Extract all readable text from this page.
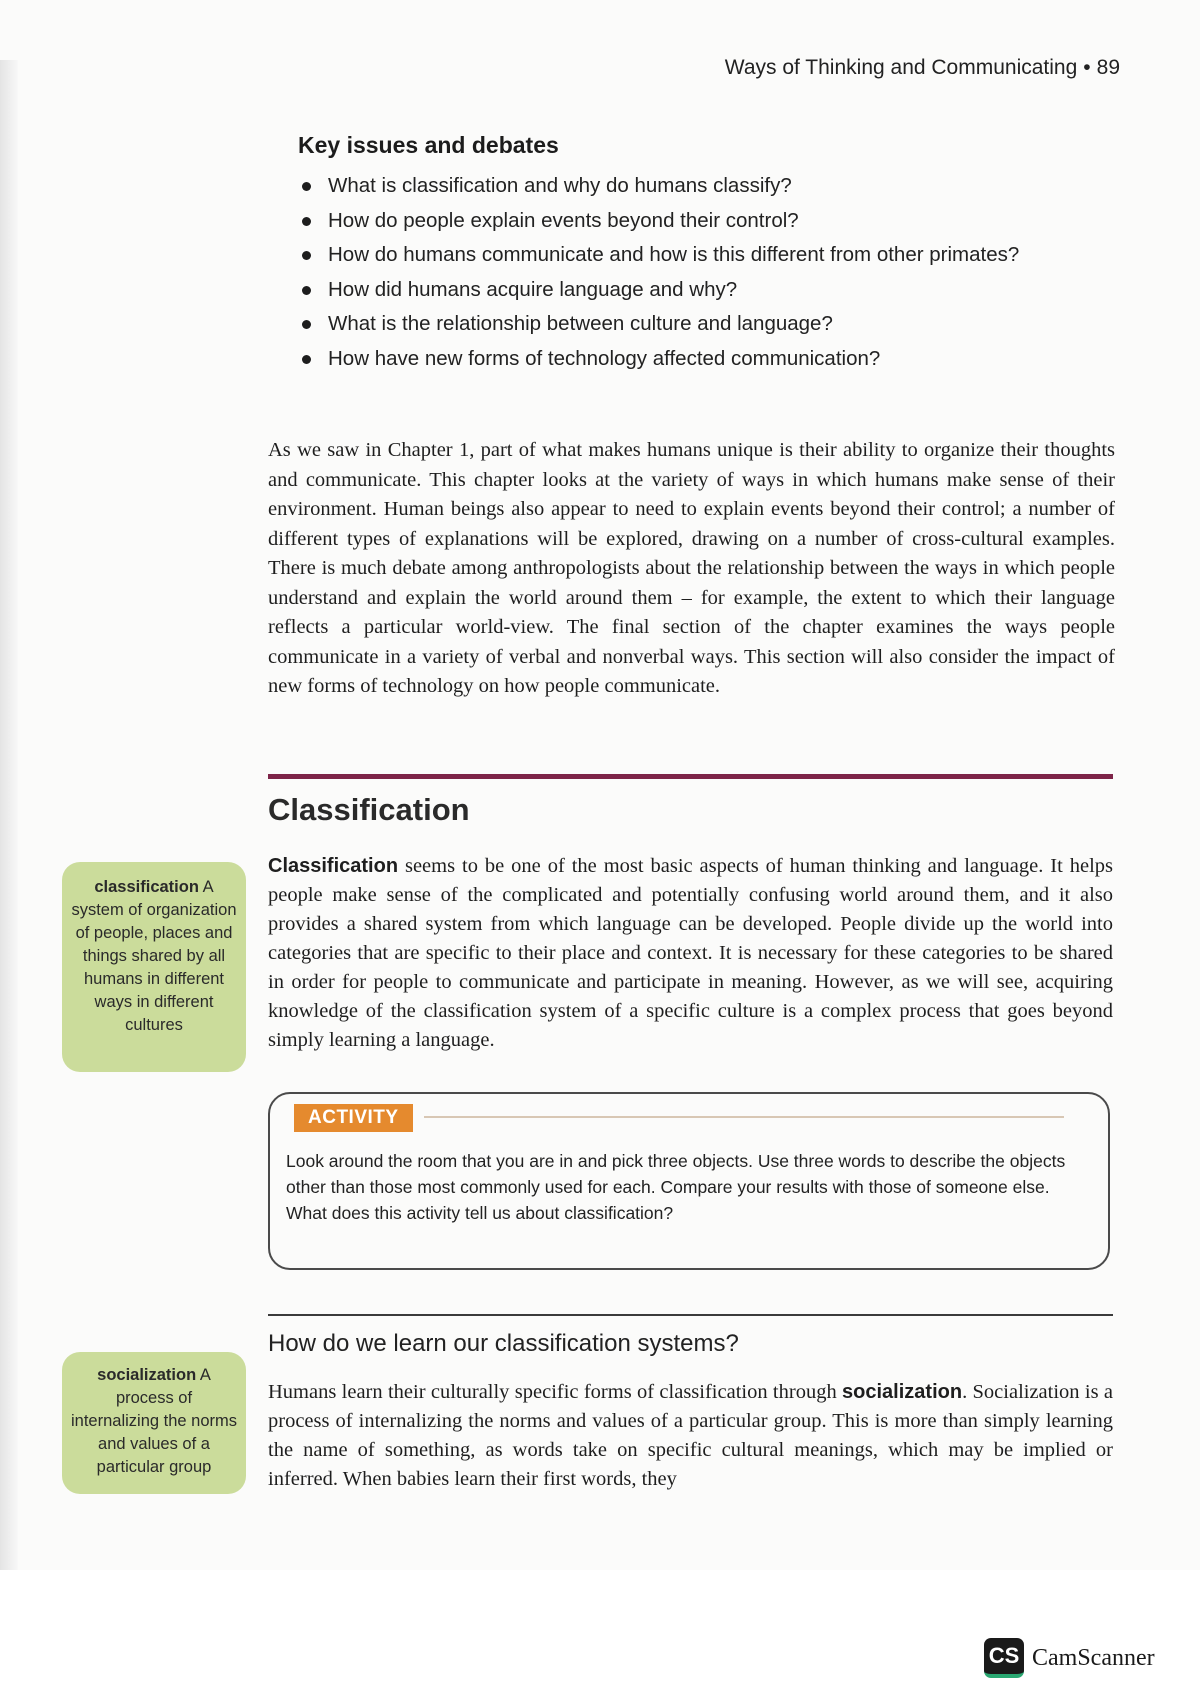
Ways of Thinking and Communicating • 89
Key issues and debates
What is classification and why do humans classify?
How do people explain events beyond their control?
How do humans communicate and how is this different from other primates?
How did humans acquire language and why?
What is the relationship between culture and language?
How have new forms of technology affected communication?

As we saw in Chapter 1, part of what makes humans unique is their ability to organize their thoughts and communicate. This chapter looks at the variety of ways in which humans make sense of their environment. Human beings also appear to need to explain events beyond their control; a number of different types of explanations will be explored, drawing on a number of cross-cultural examples. There is much debate among anthropologists about the relationship between the ways in which people understand and explain the world around them – for example, the extent to which their language reflects a particular world-view. The final section of the chapter examines the ways people communicate in a variety of verbal and nonverbal ways. This section will also consider the impact of new forms of technology on how people communicate.

Classification
classification A system of organization of people, places and things shared by all humans in different ways in different cultures

Classification seems to be one of the most basic aspects of human thinking and language. It helps people make sense of the complicated and potentially confusing world around them, and it also provides a shared system from which language can be developed. People divide up the world into categories that are specific to their place and context. It is necessary for these categories to be shared in order for people to communicate and participate in meaning. However, as we will see, acquiring knowledge of the classification system of a specific culture is a complex process that goes beyond simply learning a language.

ACTIVITY

Look around the room that you are in and pick three objects. Use three words to describe the objects other than those most commonly used for each. Compare your results with those of someone else.

What does this activity tell us about classification?

How do we learn our classification systems?
socialization A process of internalizing the norms and values of a particular group

Humans learn their culturally specific forms of classification through socialization. Socialization is a process of internalizing the norms and values of a particular group. This is more than simply learning the name of something, as words take on specific cultural meanings, which may be implied or inferred. When babies learn their first words, they

CS CamScanner
